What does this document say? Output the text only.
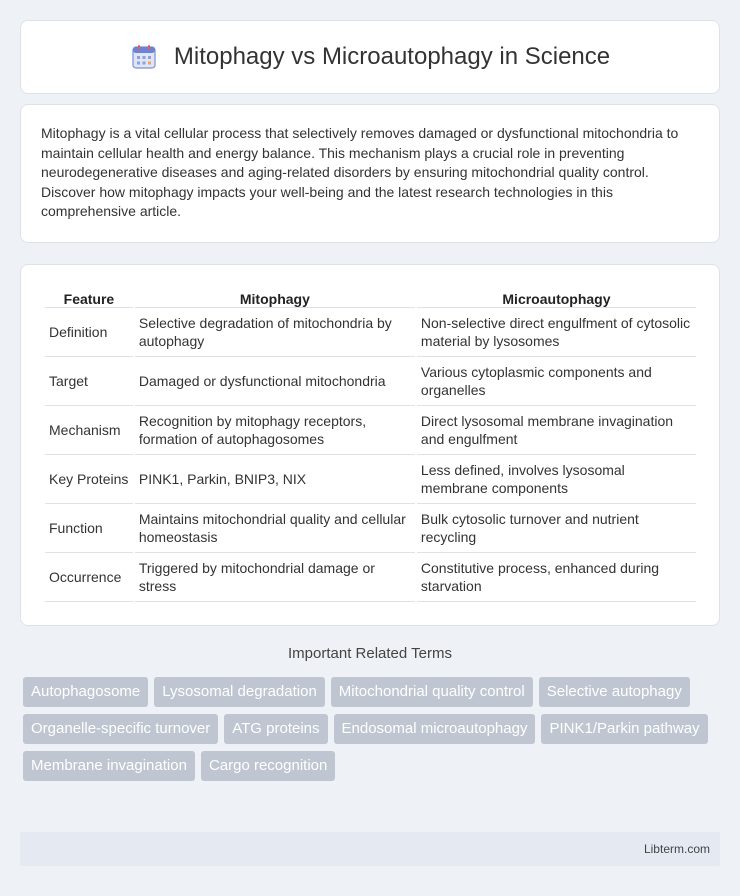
Mitophagy vs Microautophagy in Science

Mitophagy is a vital cellular process that selectively removes damaged or dysfunctional mitochondria to maintain cellular health and energy balance. This mechanism plays a crucial role in preventing neurodegenerative diseases and aging-related disorders by ensuring mitochondrial quality control. Discover how mitophagy impacts your well-being and the latest research technologies in this comprehensive article.

Feature	Mitophagy	Microautophagy
Definition	Selective degradation of mitochondria by autophagy	Non-selective direct engulfment of cytosolic material by lysosomes
Target	Damaged or dysfunctional mitochondria	Various cytoplasmic components and organelles
Mechanism	Recognition by mitophagy receptors, formation of autophagosomes	Direct lysosomal membrane invagination and engulfment
Key Proteins	PINK1, Parkin, BNIP3, NIX	Less defined, involves lysosomal membrane components
Function	Maintains mitochondrial quality and cellular homeostasis	Bulk cytosolic turnover and nutrient recycling
Occurrence	Triggered by mitochondrial damage or stress	Constitutive process, enhanced during starvation
Important Related Terms
Autophagosome	Lysosomal degradation	Mitochondrial quality control	Selective autophagy
Organelle-specific turnover	ATG proteins	Endosomal microautophagy	PINK1/Parkin pathway
Membrane invagination	Cargo recognition
Libterm.com
